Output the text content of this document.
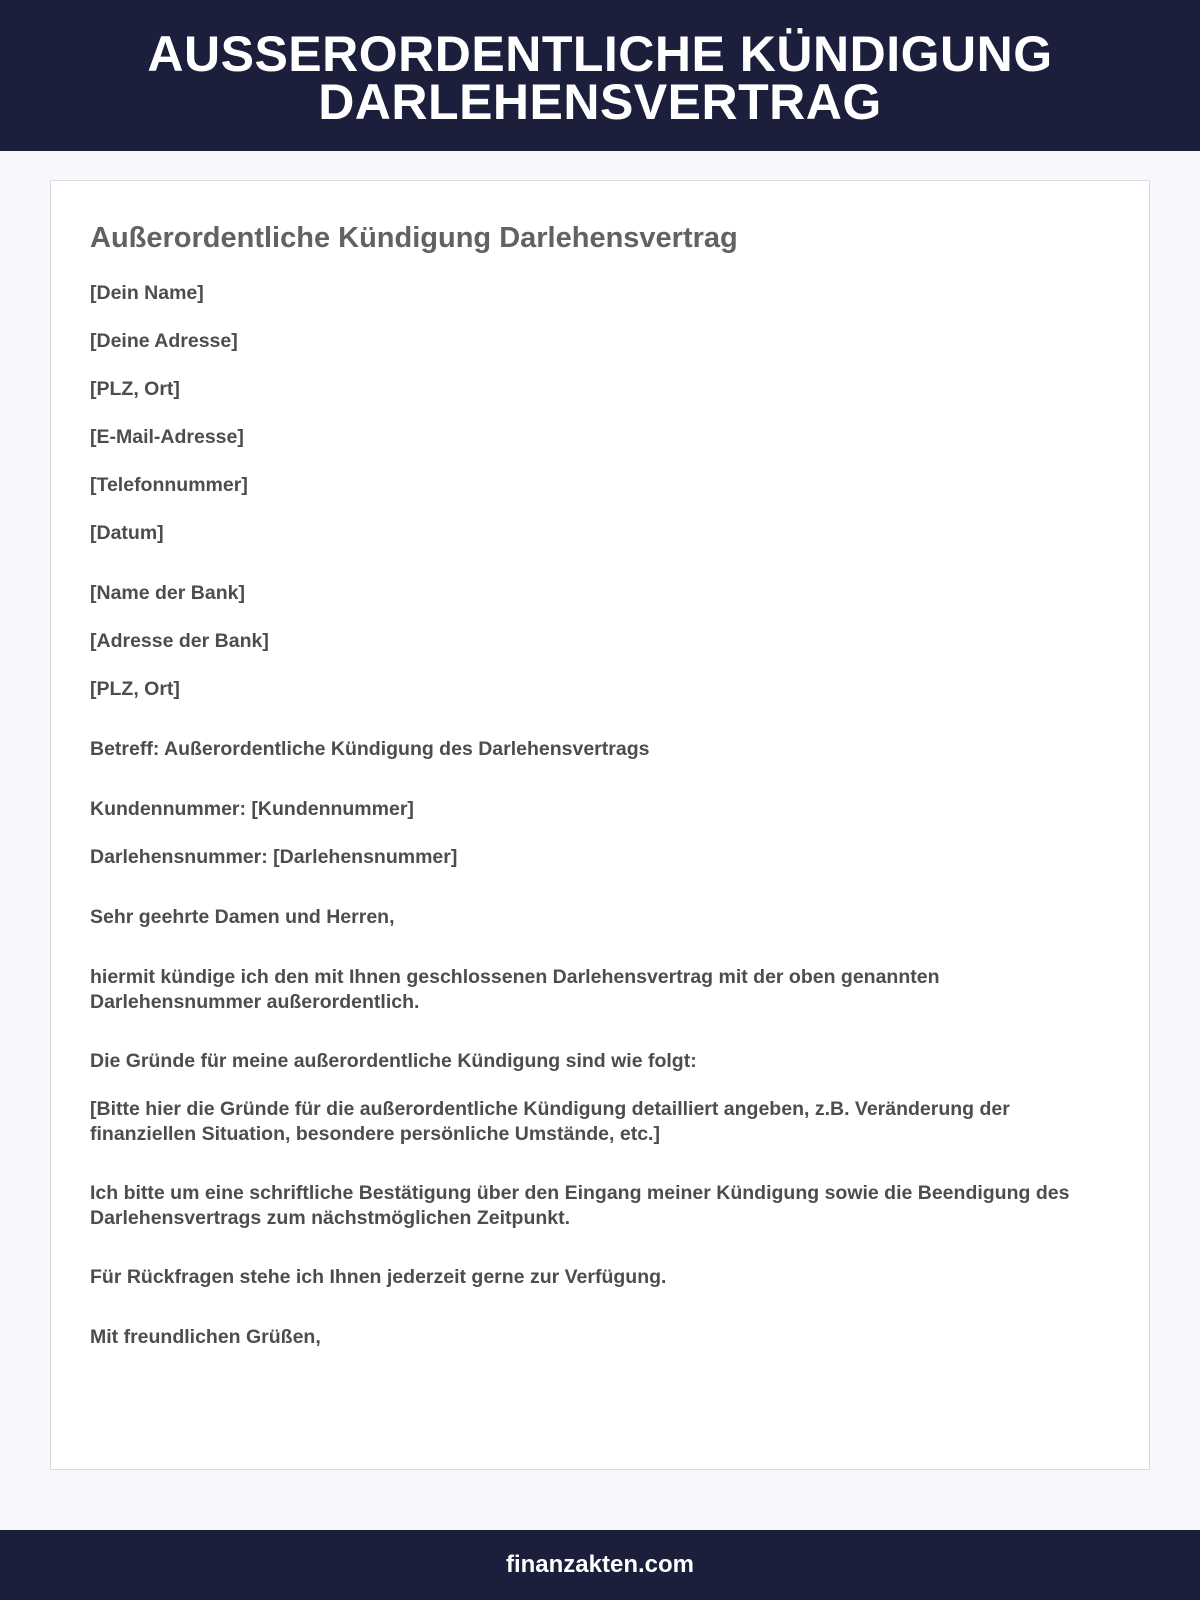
AUSSERORDENTLICHE KÜNDIGUNG
DARLEHENSVERTRAG
Außerordentliche Kündigung Darlehensvertrag

[Dein Name]

[Deine Adresse]

[PLZ, Ort]

[E-Mail-Adresse]

[Telefonnummer]

[Datum]

[Name der Bank]

[Adresse der Bank]

[PLZ, Ort]

Betreff: Außerordentliche Kündigung des Darlehensvertrags

Kundennummer: [Kundennummer]

Darlehensnummer: [Darlehensnummer]

Sehr geehrte Damen und Herren,

hiermit kündige ich den mit Ihnen geschlossenen Darlehensvertrag mit der oben genannten Darlehensnummer außerordentlich.

Die Gründe für meine außerordentliche Kündigung sind wie folgt:

[Bitte hier die Gründe für die außerordentliche Kündigung detailliert angeben, z.B. Veränderung der finanziellen Situation, besondere persönliche Umstände, etc.]

Ich bitte um eine schriftliche Bestätigung über den Eingang meiner Kündigung sowie die Beendigung des Darlehensvertrags zum nächstmöglichen Zeitpunkt.

Für Rückfragen stehe ich Ihnen jederzeit gerne zur Verfügung.

Mit freundlichen Grüßen,

finanzakten.com
